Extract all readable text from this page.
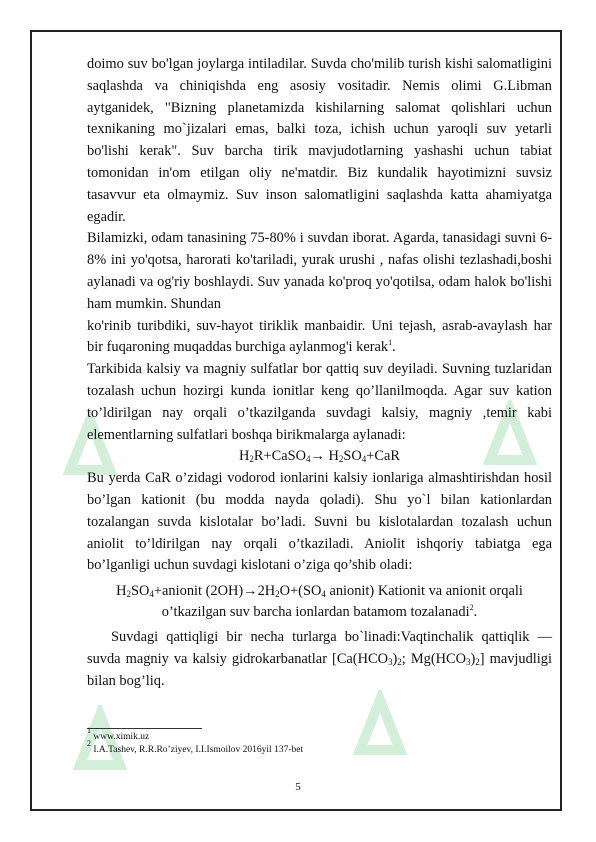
doimo suv bo'lgan joylarga intiladilar. Suvda cho'milib turish kishi salomatligini saqlashda va chiniqishda eng asosiy vositadir. Nemis olimi G.Libman aytganidek, "Bizning planetamizda kishilarning salomat qolishlari uchun texnikaning mo`jizalari emas, balki toza, ichish uchun yaroqli suv yetarli bo'lishi kerak". Suv barcha tirik mavjudotlarning yashashi uchun tabiat tomonidan in'om etilgan oliy ne'matdir. Biz kundalik hayotimizni suvsiz tasavvur eta olmaymiz. Suv inson salomatligini saqlashda katta ahamiyatga egadir.

Bilamizki, odam tanasining 75-80% i suvdan iborat. Agarda, tanasidagi suvni 6-8% ini yo'qotsa, harorati ko'tariladi, yurak urushi , nafas olishi tezlashadi,boshi aylanadi va og'riy boshlaydi. Suv yanada ko'proq yo'qotilsa, odam halok bo'lishi ham mumkin. Shundan

ko'rinib turibdiki, suv-hayot tiriklik manbaidir. Uni tejash, asrab-avaylash har bir fuqaroning muqaddas burchiga aylanmog'i kerak$^1$.

Tarkibida kalsiy va magniy sulfatlar bor qattiq suv deyiladi. Suvning tuzlaridan tozalash uchun hozirgi kunda ionitlar keng qo’llanilmoqda. Agar suv kation to’ldirilgan nay orqali o’tkazilganda suvdagi kalsiy, magniy ,temir kabi elementlarning sulfatlari boshqa birikmalarga aylanadi:

$H_2R+CaSO_4\to H_2SO_4+CaR$

Bu yerda CaR o’zidagi vodorod ionlarini kalsiy ionlariga almashtirishdan hosil bo’lgan kationit (bu modda nayda qoladi). Shu yo`l bilan kationlardan tozalangan suvda kislotalar bo’ladi. Suvni bu kislotalardan tozalash uchun aniolit to’ldirilgan nay orqali o’tkaziladi. Aniolit ishqoriy tabiatga ega bo’lganligi uchun suvdagi kislotani o’ziga qo’shib oladi:

$H_2SO_4+anionit$ $(2OH)\to 2H_2O+(SO_4$ anionit) Kationit va anionit orqali
o’tkazilgan suv barcha ionlardan batamom tozalanadi$^2$.

Suvdagi qattiqligi bir necha turlarga bo`linadi:Vaqtinchalik qattiqlik —suvda magniy va kalsiy gidrokarbanatlar [$Ca(HCO_3)_2$; $Mg(HCO_3)_2$] mavjudligi bilan bog’liq.

$^1$ www.ximik.uz
$^2$ I.A.Tashev, R.R.Ro’ziyev, I.I.Ismoilov 2016yil 137-bet
5
